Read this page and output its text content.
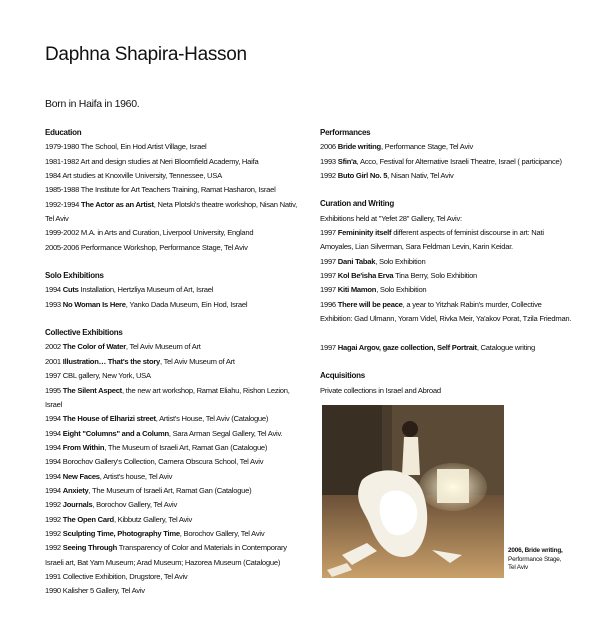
Daphna Shapira-Hasson
Born in Haifa in 1960.
Education
1979-1980 The School, Ein Hod Artist Village, Israel
1981-1982 Art and design studies at Neri Bloomfield Academy, Haifa
1984 Art studies at Knoxville University, Tennessee, USA
1985-1988 The Institute for Art Teachers Training, Ramat Hasharon, Israel
1992-1994 The Actor as an Artist, Neta Plotski's theatre workshop, Nisan Nativ, Tel Aviv
1999-2002 M.A. in Arts and Curation, Liverpool University, England
2005-2006 Performance Workshop, Performance Stage, Tel Aviv
Solo Exhibitions
1994 Cuts Installation, Hertzliya Museum of Art, Israel
1993 No Woman Is Here, Yanko Dada Museum, Ein Hod, Israel
Collective Exhibitions
2002 The Color of Water, Tel Aviv Museum of Art
2001 Illustration… That's the story, Tel Aviv Museum of Art
1997 CBL gallery, New York, USA
1995 The Silent Aspect, the new art workshop, Ramat Eliahu, Rishon Lezion, Israel
1994 The House of Elharizi street, Artist's House, Tel Aviv (Catalogue)
1994 Eight "Columns" and a Column, Sara Arman Segal Gallery, Tel Aviv.
1994 From Within, The Museum of Israeli Art, Ramat Gan (Catalogue)
1994 Borochov Gallery's Collection, Camera Obscura School, Tel Aviv
1994 New Faces, Artist's house, Tel Aviv
1994 Anxiety, The Museum of Israeli Art, Ramat Gan (Catalogue)
1992 Journals, Borochov Gallery, Tel Aviv
1992 The Open Card, Kibbutz Gallery, Tel Aviv
1992 Sculpting Time, Photography Time, Borochov Gallery, Tel Aviv
1992 Seeing Through Transparency of Color and Materials in Contemporary Israeli art, Bat Yam Museum; Arad Museum; Hazorea Museum (Catalogue)
1991 Collective Exhibition, Drugstore, Tel Aviv
1990 Kalisher 5 Gallery, Tel Aviv
Performances
2006 Bride writing, Performance Stage, Tel Aviv
1993 Sfin'a, Acco, Festival for Alternative Israeli Theatre, Israel ( participance)
1992 Buto Girl No. 5, Nisan Nativ, Tel Aviv
Curation and Writing
Exhibitions held at "Yefet 28" Gallery, Tel Aviv:
1997 Femininity itself different aspects of feminist discourse in art: Nati Amoyales, Lian Silverman, Sara Feldman Levin, Karin Keidar.
1997 Dani Tabak, Solo Exhibition
1997 Kol Be'isha Erva Tina Berry, Solo Exhibition
1997 Kiti Mamon, Solo Exhibition
1996 There will be peace, a year to Yitzhak Rabin's murder, Collective Exhibition: Gad Ulmann, Yoram Videl, Rivka Meir, Ya'akov Porat, Tzila Friedman.

1997 Hagai Argov, gaze collection, Self Portrait, Catalogue writing
Acquisitions
Private collections in Israel and Abroad
2006, Bride writing,
Performance Stage,
Tel Aviv
